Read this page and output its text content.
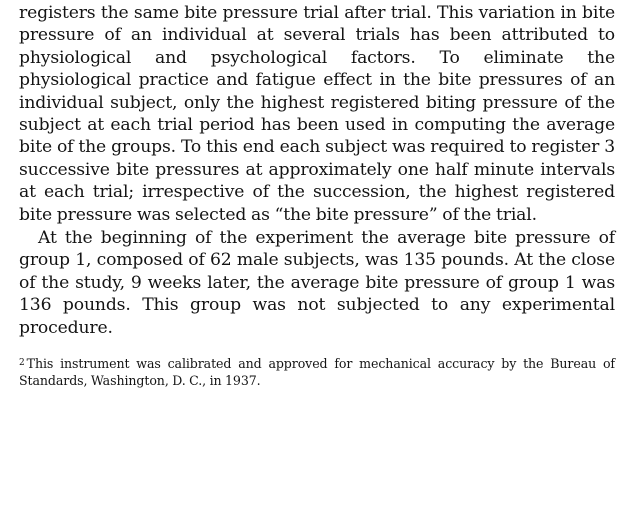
registers the same bite pressure trial after trial. This variation in bite pressure of an individual at several trials has been attributed to physiological and psychological factors. To eliminate the physiological practice and fatigue effect in the bite pressures of an individual subject, only the highest registered biting pressure of the subject at each trial period has been used in computing the average bite of the groups. To this end each subject was required to register 3 successive bite pressures at approximately one half minute intervals at each trial; irrespective of the succession, the highest registered bite pressure was selected as “the bite pressure” of the trial.

At the beginning of the experiment the average bite pressure of group 1, composed of 62 male subjects, was 135 pounds. At the close of the study, 9 weeks later, the average bite pressure of group 1 was 136 pounds. This group was not subjected to any experimental procedure.

$^2$ This instrument was calibrated and approved for mechanical accuracy by the Bureau of Standards, Washington, D. C., in 1937.
